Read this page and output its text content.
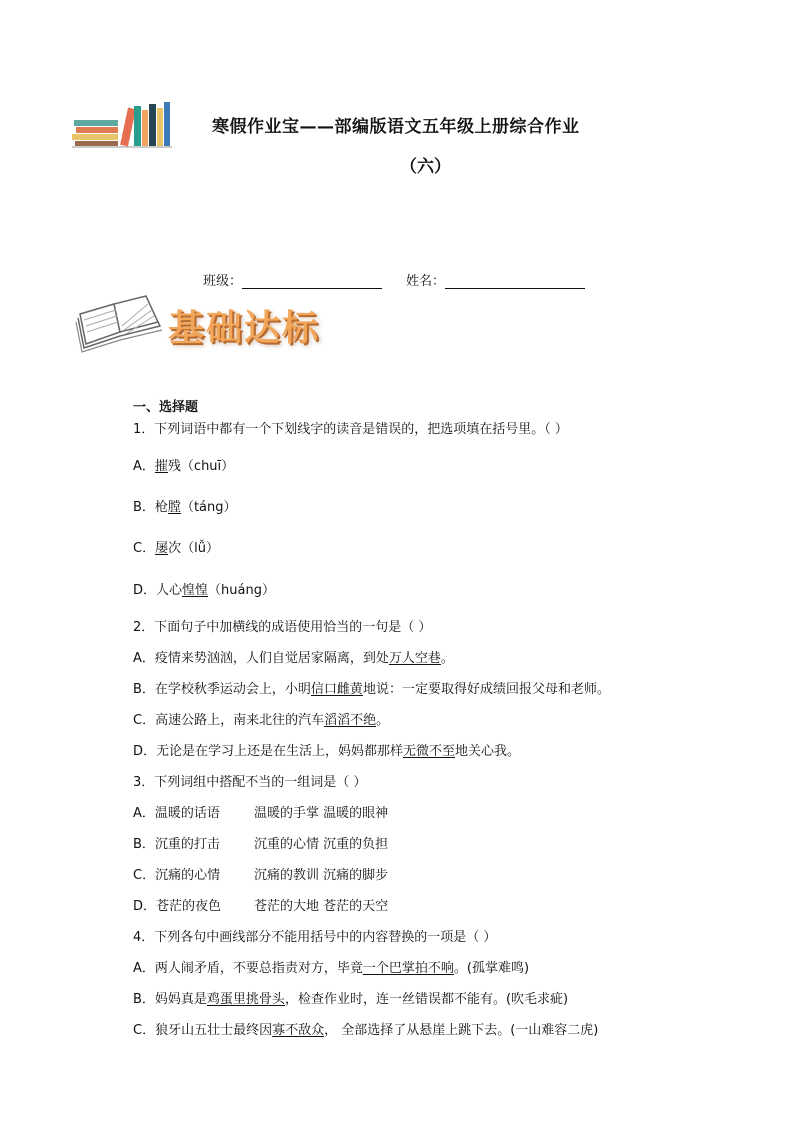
寒假作业宝——部编版语文五年级上册综合作业
（六）
班级：	姓名：
基础达标
一、选择题
1．下列词语中都有一个下划线字的读音是错误的，把选项填在括号里。（ ）
A．摧残（chuī）
B．枪膛（táng）
C．屡次（lǚ）
D．人心惶惶（huáng）
2．下面句子中加横线的成语使用恰当的一句是（ ）
A．疫情来势汹汹，人们自觉居家隔离，到处万人空巷。
B．在学校秋季运动会上，小明信口雌黄地说：一定要取得好成绩回报父母和老师。
C．高速公路上，南来北往的汽车滔滔不绝。
D．无论是在学习上还是在生活上，妈妈都那样无微不至地关心我。
3．下列词组中搭配不当的一组词是（ ）
A．温暖的话语	温暖的手掌 温暖的眼神
B．沉重的打击	沉重的心情 沉重的负担
C．沉痛的心情	沉痛的教训 沉痛的脚步
D．苍茫的夜色	苍茫的大地 苍茫的天空
4．下列各句中画线部分不能用括号中的内容替换的一项是（ ）
A．两人闹矛盾，不要总指责对方，毕竟一个巴掌拍不响。(孤掌难鸣)
B．妈妈真是鸡蛋里挑骨头，检查作业时，连一丝错误都不能有。(吹毛求疵)
C．狼牙山五壮士最终因寡不敌众， 全部选择了从悬崖上跳下去。(一山难容二虎)
